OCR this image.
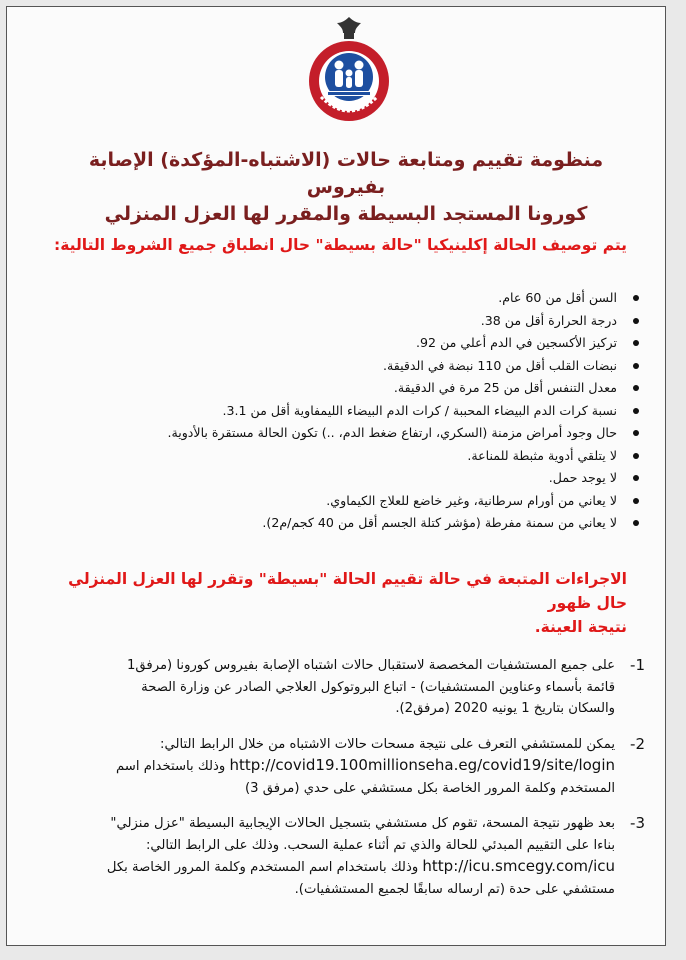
منظومة تقييم ومتابعة حالات (الاشتباه-المؤكدة) الإصابة بفيروس
كورونا المستجد البسيطة والمقرر لها العزل المنزلي
يتم توصيف الحالة إكلينيكيا "حالة بسيطة" حال انطباق جميع الشروط التالية:
السن أقل من 60 عام.
درجة الحرارة أقل من 38.
تركيز الأكسجين في الدم أعلي من 92.
نبضات القلب أقل من 110 نبضة في الدقيقة.
معدل التنفس أقل من 25 مرة في الدقيقة.
نسبة كرات الدم البيضاء المحببة / كرات الدم البيضاء الليمفاوية أقل من 3.1.
حال وجود أمراض مزمنة (السكري، ارتفاع ضغط الدم، ..) تكون الحالة مستقرة بالأدوية.
لا يتلقي أدوية مثبطة للمناعة.
لا يوجد حمل.
لا يعاني من أورام سرطانية، وغير خاضع للعلاج الكيماوي.
لا يعاني من سمنة مفرطة (مؤشر كتلة الجسم أقل من 40 كجم/م2).
الاجراءات المتبعة في حالة تقييم الحالة "بسيطة" وتقرر لها العزل المنزلي حال ظهور
نتيجة العينة.
1-
على جميع المستشفيات المخصصة لاستقبال حالات اشتباه الإصابة بفيروس كورونا (مرفق1
قائمة بأسماء وعناوين المستشفيات) - اتباع البروتوكول العلاجي الصادر عن وزارة الصحة
والسكان بتاريخ 1 يونيه 2020 (مرفق2).
2-
يمكن للمستشفي التعرف على نتيجة مسحات حالات الاشتباه من خلال الرابط التالي:
http://covid19.100millionseha.eg/covid19/site/login وذلك باستخدام اسم
المستخدم وكلمة المرور الخاصة بكل مستشفي على حدي (مرفق 3)
3-
بعد ظهور نتيجة المسحة، تقوم كل مستشفي بتسجيل الحالات الإيجابية البسيطة "عزل منزلي"
بناءا على التقييم المبدئي للحالة والذي تم أثناء عملية السحب. وذلك على الرابط التالي:
http://icu.smcegy.com/icu وذلك باستخدام اسم المستخدم وكلمة المرور الخاصة بكل
مستشفي على حدة (تم ارساله سابقًا لجميع المستشفيات).
